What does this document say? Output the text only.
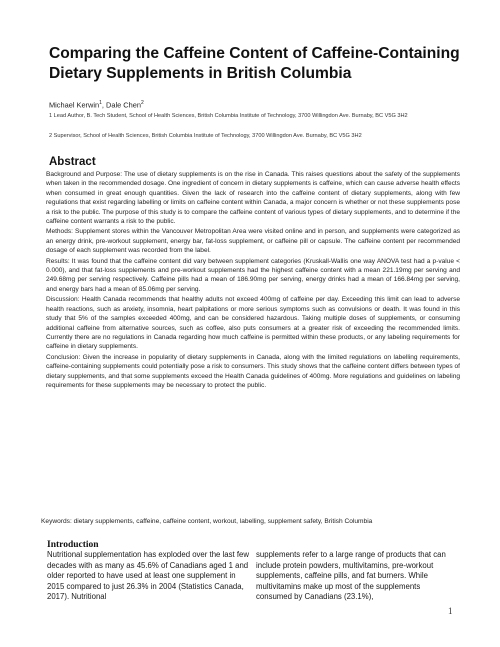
Comparing the Caffeine Content of Caffeine-Containing Dietary Supplements in British Columbia
Michael Kerwin$^1$, Dale Chen$^2$
1 Lead Author, B. Tech Student, School of Health Sciences, British Columbia Institute of Technology, 3700 Willingdon Ave. Burnaby, BC V5G 3H2
2 Supervisor, School of Health Sciences, British Columbia Institute of Technology, 3700 Willingdon Ave. Burnaby, BC V5G 3H2
Abstract

Background and Purpose: The use of dietary supplements is on the rise in Canada. This raises questions about the safety of the supplements when taken in the recommended dosage. One ingredient of concern in dietary supplements is caffeine, which can cause adverse health effects when consumed in great enough quantities. Given the lack of research into the caffeine content of dietary supplements, along with few regulations that exist regarding labelling or limits on caffeine content within Canada, a major concern is whether or not these supplements pose a risk to the public. The purpose of this study is to compare the caffeine content of various types of dietary supplements, and to determine if the caffeine content warrants a risk to the public.

Methods: Supplement stores within the Vancouver Metropolitan Area were visited online and in person, and supplements were categorized as an energy drink, pre-workout supplement, energy bar, fat-loss supplement, or caffeine pill or capsule. The caffeine content per recommended dosage of each supplement was recorded from the label.

Results: It was found that the caffeine content did vary between supplement categories (Kruskall-Wallis one way ANOVA test had a p-value < 0.000), and that fat-loss supplements and pre-workout supplements had the highest caffeine content with a mean 221.19mg per serving and 249.68mg per serving respectively. Caffeine pills had a mean of 186.90mg per serving, energy drinks had a mean of 166.84mg per serving, and energy bars had a mean of 85.06mg per serving.

Discussion: Health Canada recommends that healthy adults not exceed 400mg of caffeine per day. Exceeding this limit can lead to adverse health reactions, such as anxiety, insomnia, heart palpitations or more serious symptoms such as convulsions or death. It was found in this study that 5% of the samples exceeded 400mg, and can be considered hazardous. Taking multiple doses of supplements, or consuming additional caffeine from alternative sources, such as coffee, also puts consumers at a greater risk of exceeding the recommended limits. Currently there are no regulations in Canada regarding how much caffeine is permitted within these products, or any labeling requirements for caffeine in dietary supplements.

Conclusion: Given the increase in popularity of dietary supplements in Canada, along with the limited regulations on labelling requirements, caffeine-containing supplements could potentially pose a risk to consumers. This study shows that the caffeine content differs between types of dietary supplements, and that some supplements exceed the Health Canada guidelines of 400mg. More regulations and guidelines on labeling requirements for these supplements may be necessary to protect the public.

Keywords: dietary supplements, caffeine, caffeine content, workout, labelling, supplement safety, British Columbia
Introduction

Nutritional supplementation has exploded over the last few decades with as many as 45.6% of Canadians aged 1 and older reported to have used at least one supplement in 2015 compared to just 26.3% in 2004 (Statistics Canada, 2017). Nutritional

supplements refer to a large range of products that can include protein powders, multivitamins, pre-workout supplements, caffeine pills, and fat burners. While multivitamins make up most of the supplements consumed by Canadians (23.1%),

1
